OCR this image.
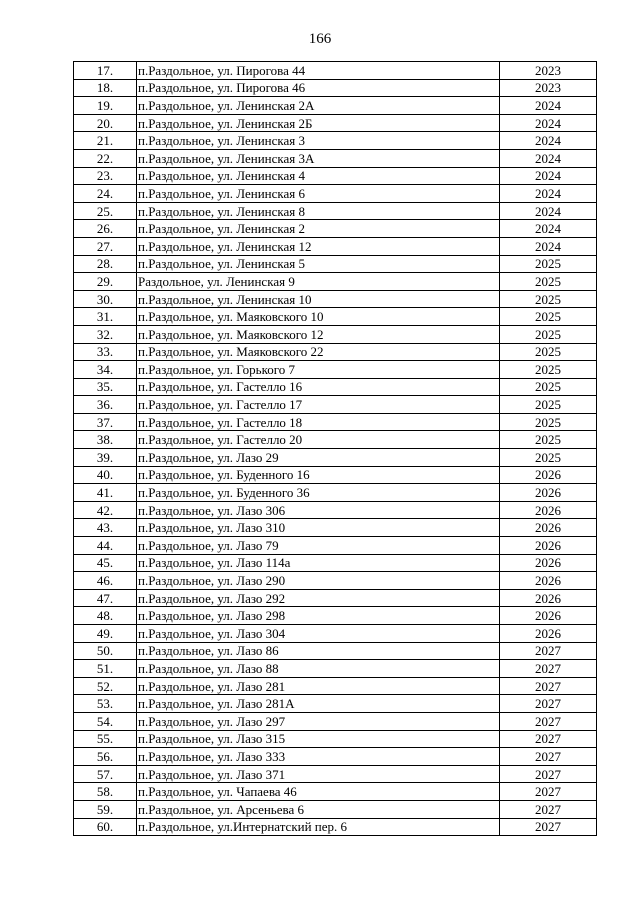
166
17.	п.Раздольное, ул. Пирогова 44	2023
18.	п.Раздольное, ул. Пирогова 46	2023
19.	п.Раздольное, ул. Ленинская 2А	2024
20.	п.Раздольное, ул. Ленинская 2Б	2024
21.	п.Раздольное, ул. Ленинская 3	2024
22.	п.Раздольное, ул. Ленинская 3А	2024
23.	п.Раздольное, ул. Ленинская 4	2024
24.	п.Раздольное, ул. Ленинская 6	2024
25.	п.Раздольное, ул. Ленинская 8	2024
26.	п.Раздольное, ул. Ленинская 2	2024
27.	п.Раздольное, ул. Ленинская 12	2024
28.	п.Раздольное, ул. Ленинская 5	2025
29.	Раздольное, ул. Ленинская 9	2025
30.	п.Раздольное, ул. Ленинская 10	2025
31.	п.Раздольное, ул. Маяковского 10	2025
32.	п.Раздольное, ул. Маяковского 12	2025
33.	п.Раздольное, ул. Маяковского 22	2025
34.	п.Раздольное, ул. Горького 7	2025
35.	п.Раздольное, ул. Гастелло 16	2025
36.	п.Раздольное, ул. Гастелло 17	2025
37.	п.Раздольное, ул. Гастелло 18	2025
38.	п.Раздольное, ул. Гастелло 20	2025
39.	п.Раздольное, ул. Лазо 29	2025
40.	п.Раздольное, ул. Буденного 16	2026
41.	п.Раздольное, ул. Буденного 36	2026
42.	п.Раздольное, ул. Лазо 306	2026
43.	п.Раздольное, ул. Лазо 310	2026
44.	п.Раздольное, ул. Лазо 79	2026
45.	п.Раздольное, ул. Лазо 114а	2026
46.	п.Раздольное, ул. Лазо 290	2026
47.	п.Раздольное, ул. Лазо 292	2026
48.	п.Раздольное, ул. Лазо 298	2026
49.	п.Раздольное, ул. Лазо 304	2026
50.	п.Раздольное, ул. Лазо 86	2027
51.	п.Раздольное, ул. Лазо 88	2027
52.	п.Раздольное, ул. Лазо 281	2027
53.	п.Раздольное, ул. Лазо 281А	2027
54.	п.Раздольное, ул. Лазо 297	2027
55.	п.Раздольное, ул. Лазо 315	2027
56.	п.Раздольное, ул. Лазо 333	2027
57.	п.Раздольное, ул. Лазо 371	2027
58.	п.Раздольное, ул. Чапаева 46	2027
59.	п.Раздольное, ул. Арсеньева 6	2027
60.	п.Раздольное, ул.Интернатский пер. 6	2027
